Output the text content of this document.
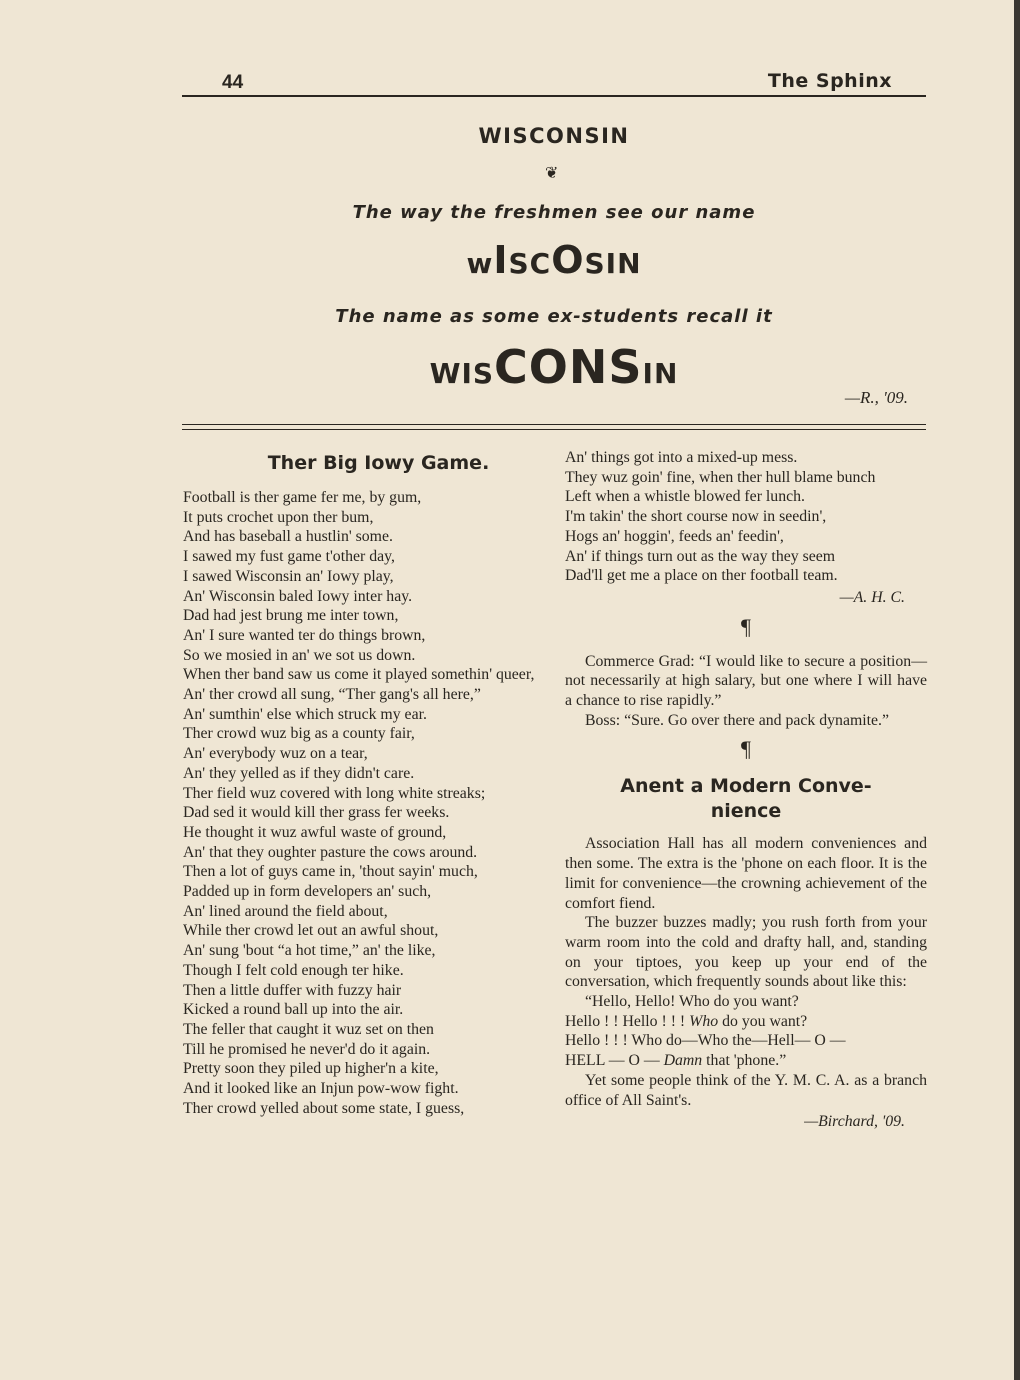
44	The Sphinx
WISCONSIN
❦
The way the freshmen see our name
wISCOSIN
The name as some ex-students recall it
WISCONSIN
—R., '09.
Ther Big Iowy Game.
Football is ther game fer me, by gum,
It puts crochet upon ther bum,
And has baseball a hustlin' some.
I sawed my fust game t'other day,
I sawed Wisconsin an' Iowy play,
An' Wisconsin baled Iowy inter hay.
Dad had jest brung me inter town,
An' I sure wanted ter do things brown,
So we mosied in an' we sot us down.
When ther band saw us come it played somethin' queer,
An' ther crowd all sung, “Ther gang's all here,”
An' sumthin' else which struck my ear.
Ther crowd wuz big as a county fair,
An' everybody wuz on a tear,
An' they yelled as if they didn't care.
Ther field wuz covered with long white streaks;
Dad sed it would kill ther grass fer weeks.
He thought it wuz awful waste of ground,
An' that they oughter pasture the cows around.
Then a lot of guys came in, 'thout sayin' much,
Padded up in form developers an' such,
An' lined around the field about,
While ther crowd let out an awful shout,
An' sung 'bout “a hot time,” an' the like,
Though I felt cold enough ter hike.
Then a little duffer with fuzzy hair
Kicked a round ball up into the air.
The feller that caught it wuz set on then
Till he promised he never'd do it again.
Pretty soon they piled up higher'n a kite,
And it looked like an Injun pow-wow fight.
Ther crowd yelled about some state, I guess,
An' things got into a mixed-up mess.
They wuz goin' fine, when ther hull blame bunch
Left when a whistle blowed fer lunch.
I'm takin' the short course now in seedin',
Hogs an' hoggin', feeds an' feedin',
An' if things turn out as the way they seem
Dad'll get me a place on ther football team.
—A. H. C.
¶
Commerce Grad: “I would like to secure a position—not necessarily at high salary, but one where I will have a chance to rise rapidly.”
Boss: “Sure. Go over there and pack dynamite.”
¶
Anent a Modern Conve-
nience
Association Hall has all modern conveniences and then some. The extra is the 'phone on each floor. It is the limit for convenience—the crowning achievement of the comfort fiend.
The buzzer buzzes madly; you rush forth from your warm room into the cold and drafty hall, and, standing on your tiptoes, you keep up your end of the conversation, which frequently sounds about like this:
“Hello, Hello! Who do you want?
Hello ! ! Hello ! ! ! Who do you want?
Hello ! ! ! Who do—Who the—Hell— O —
HELL — O — Damn that 'phone.”
Yet some people think of the Y. M. C. A. as a branch office of All Saint's.
—Birchard, '09.
